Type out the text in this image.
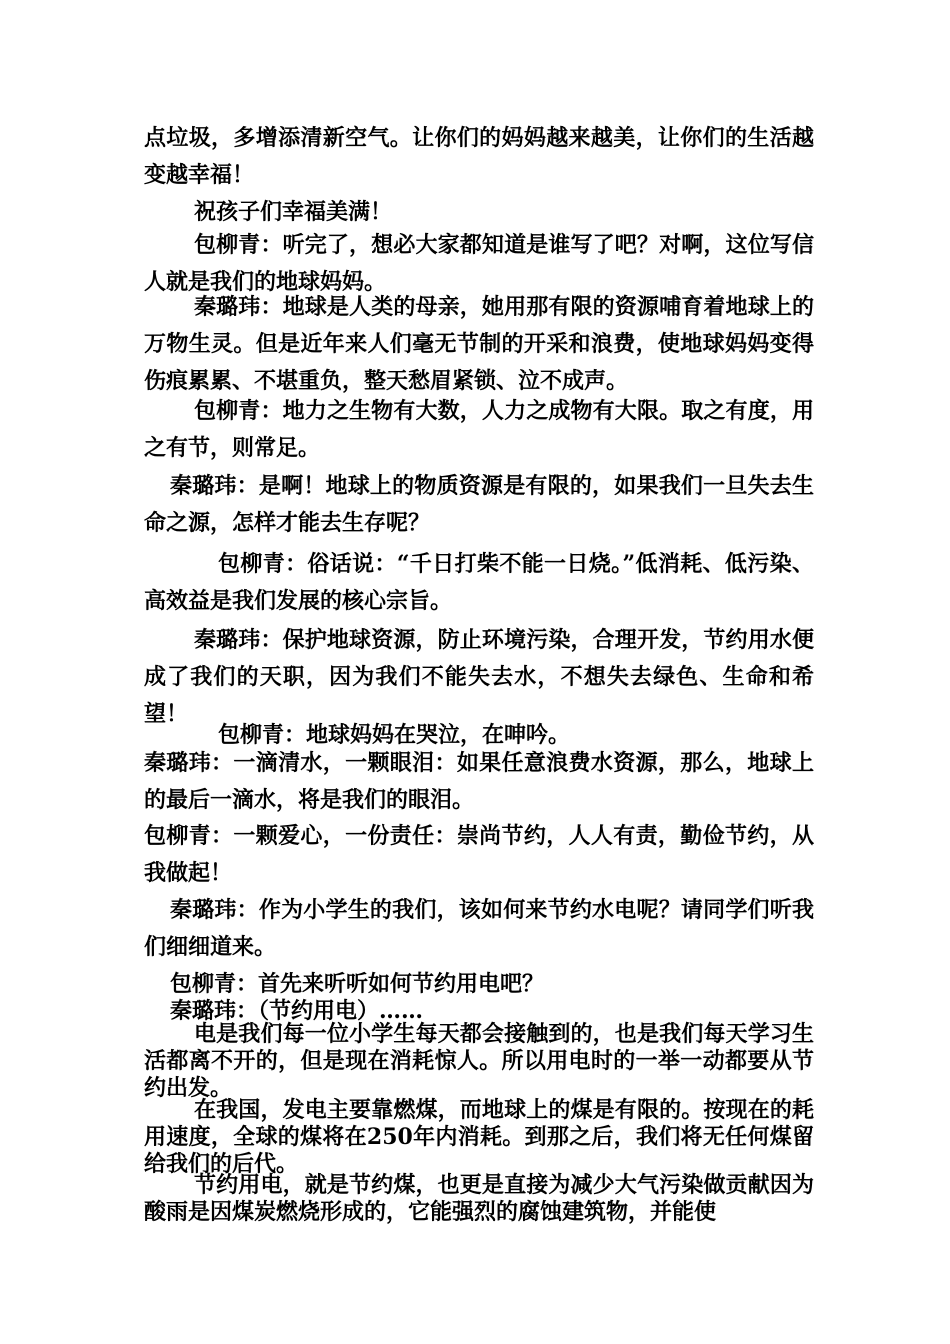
点垃圾，多增添清新空气。让你们的妈妈越来越美，让你们的生活越变越幸福！

祝孩子们幸福美满！

包柳青：听完了，想必大家都知道是谁写了吧？对啊，这位写信人就是我们的地球妈妈。

秦璐玮：地球是人类的母亲，她用那有限的资源哺育着地球上的万物生灵。但是近年来人们毫无节制的开采和浪费，使地球妈妈变得伤痕累累、不堪重负，整天愁眉紧锁、泣不成声。

包柳青：地力之生物有大数，人力之成物有大限。取之有度，用之有节，则常足。

秦璐玮：是啊！地球上的物质资源是有限的，如果我们一旦失去生命之源，怎样才能去生存呢？

包柳青：俗话说：“千日打柴不能一日烧。”低消耗、低污染、高效益是我们发展的核心宗旨。

秦璐玮：保护地球资源，防止环境污染，合理开发，节约用水便成了我们的天职，因为我们不能失去水，不想失去绿色、生命和希望！

包柳青：地球妈妈在哭泣，在呻吟。

秦璐玮：一滴清水，一颗眼泪：如果任意浪费水资源，那么，地球上的最后一滴水，将是我们的眼泪。

包柳青：一颗爱心，一份责任：崇尚节约，人人有责，勤俭节约，从我做起！

秦璐玮：作为小学生的我们，该如何来节约水电呢？请同学们听我们细细道来。

包柳青：首先来听听如何节约用电吧？

秦璐玮：（节约用电）……

电是我们每一位小学生每天都会接触到的，也是我们每天学习生活都离不开的，但是现在消耗惊人。所以用电时的一举一动都要从节约出发。

在我国，发电主要靠燃煤，而地球上的煤是有限的。按现在的耗用速度，全球的煤将在250年内消耗。到那之后，我们将无任何煤留给我们的后代。

节约用电，就是节约煤，也更是直接为减少大气污染做贡献因为酸雨是因煤炭燃烧形成的，它能强烈的腐蚀建筑物，并能使
